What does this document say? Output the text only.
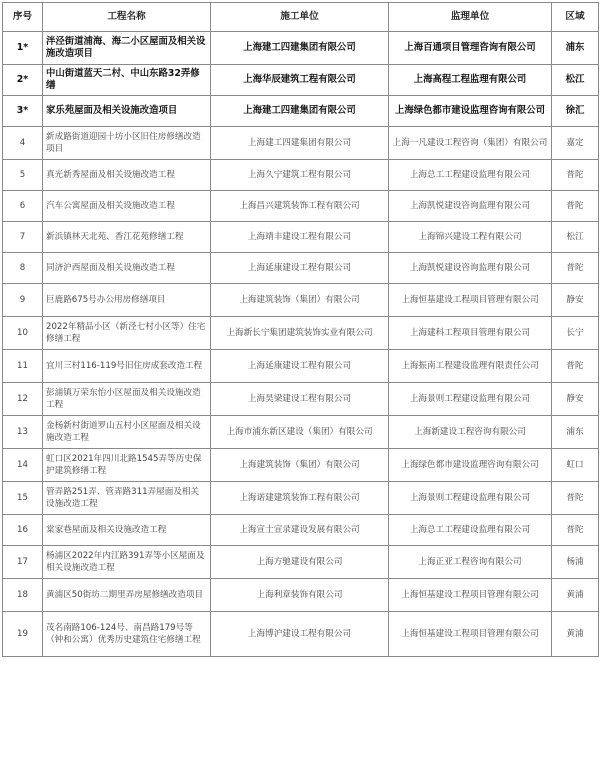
序号	工程名称	施工单位	监理单位	区域
1*	泮泾街道浦海、海二小区屋面及相关设施改造项目	上海建工四建集团有限公司	上海百通项目管理咨询有限公司	浦东
2*	中山街道蓝天二村、中山东路32弄修缮	上海华辰建筑工程有限公司	上海高程工程监理有限公司	松江
3*	家乐苑屋面及相关设施改造项目	上海建工四建集团有限公司	上海绿色都市建设监理咨询有限公司	徐汇
4	新成路街道迎园十坊小区旧住房修缮改造项目	上海建工四建集团有限公司	上海一凡建设工程咨询（集团）有限公司	嘉定
5	真光新秀屋面及相关设施改造工程	上海久宁建筑工程有限公司	上海总工工程建设监理有限公司	普陀
6	汽车公寓屋面及相关设施改造工程	上海昌兴建筑装饰工程有限公司	上海凯悦建设咨询监理有限公司	普陀
7	新浜镇林天北苑、香江花苑修缮工程	上海靖丰建设工程有限公司	上海锦兴建设工程有限公司	松江
8	同济沪西屋面及相关设施改造工程	上海延康建设工程有限公司	上海凯悦建设咨询监理有限公司	普陀
9	巨鹿路675号办公用房修缮项目	上海建筑装饰（集团）有限公司	上海恒基建设工程项目管理有限公司	静安
10	2022年精品小区（新泾七村小区等）住宅修缮工程	上海新长宁集团建筑装饰实业有限公司	上海建科工程项目管理有限公司	长宁
11	宜川三村116-119号旧住房成套改造工程	上海延康建设工程有限公司	上海振南工程建设监理有限责任公司	普陀
12	彭浦镇万荣东怡小区屋面及相关设施改造工程	上海昊梁建设工程有限公司	上海景则工程建设监理有限公司	静安
13	金杨新村街道罗山五村小区屋面及相关设施改造工程	上海市浦东新区建设（集团）有限公司	上海新建设工程咨询有限公司	浦东
14	虹口区2021年四川北路1545弄等历史保护建筑修缮工程	上海建筑装饰（集团）有限公司	上海绿色都市建设监理咨询有限公司	虹口
15	管弄路251弄、管弄路311弄屋面及相关设施改造工程	上海诺建建筑装饰工程有限公司	上海景则工程建设监理有限公司	普陀
16	棠家巷屋面及相关设施改造工程	上海宣士宣录建设发展有限公司	上海总工工程建设监理有限公司	普陀
17	杨浦区2022年内江路391弄等小区屋面及相关设施改造工程	上海方驰建设有限公司	上海正亚工程咨询有限公司	杨浦
18	黄浦区50街坊二期里弄房屋修缮改造项目	上海利章装饰有限公司	上海恒基建设工程项目管理有限公司	黄浦
19	茂名南路106-124号、南昌路179号等（钟和公寓）优秀历史建筑住宅修缮工程	上海博沪建设工程有限公司	上海恒基建设工程项目管理有限公司	黄浦
